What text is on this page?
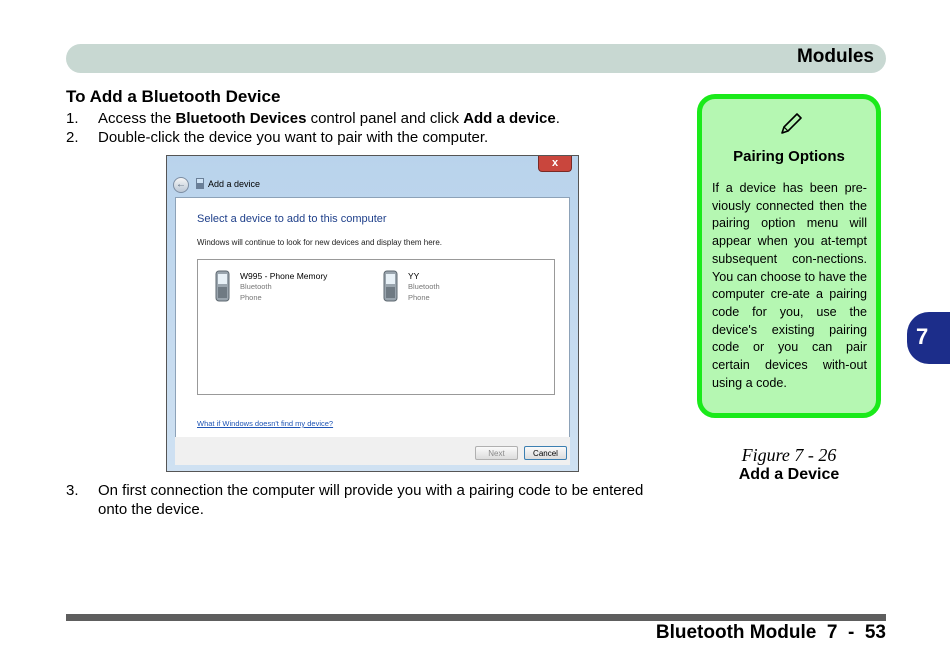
Modules
To Add a Bluetooth Device
1. Access the Bluetooth Devices control panel and click Add a device.
2. Double-click the device you want to pair with the computer.
x
←	Add a device
Select a device to add to this computer
Windows will continue to look for new devices and display them here.
W995 - Phone Memory
Bluetooth
Phone
YY
Bluetooth
Phone
What if Windows doesn't find my device?
Next	Cancel
3. On first connection the computer will provide you with a pairing code to be entered
onto the device.
Pairing Options
If a device has been pre-viously connected then the pairing option menu will appear when you at-tempt subsequent con-nections. You can choose to have the computer cre-ate a pairing code for you, use the device's existing pairing code or you can pair certain devices with-out using a code.
7
Figure 7 - 26
Add a Device
Bluetooth Module  7  -  53
